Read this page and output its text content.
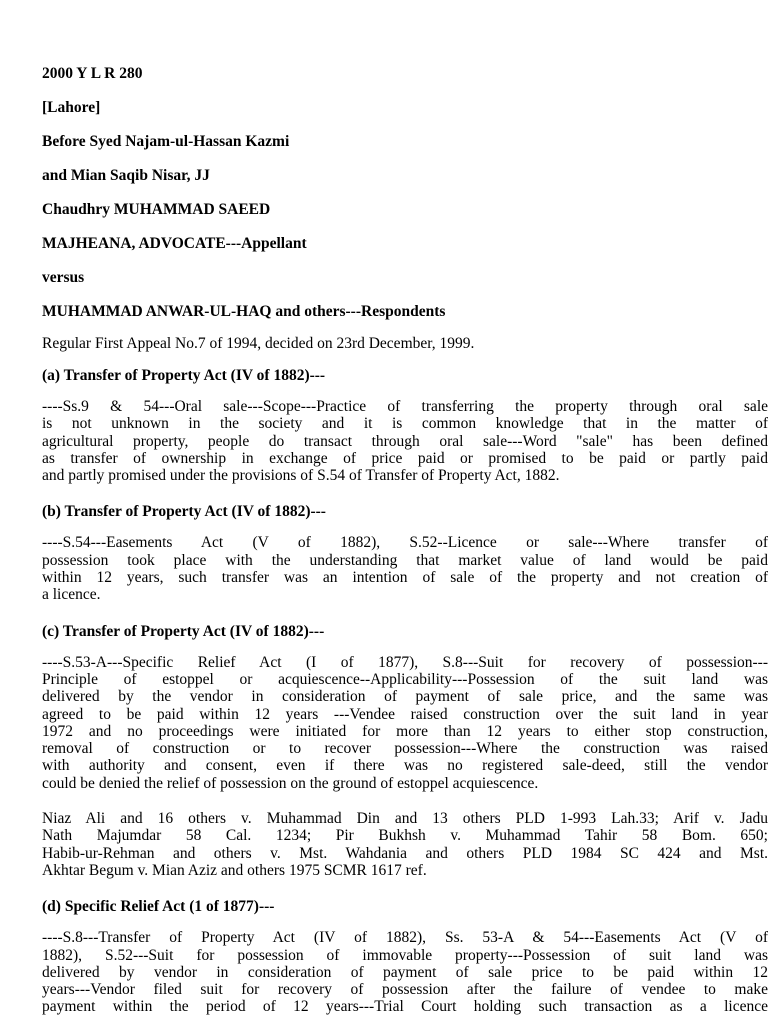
2000 Y L R 280
[Lahore]
Before Syed Najam-ul-Hassan Kazmi
and Mian Saqib Nisar, JJ
Chaudhry MUHAMMAD SAEED
MAJHEANA, ADVOCATE---Appellant
versus
MUHAMMAD ANWAR-UL-HAQ and others---Respondents
Regular First Appeal No.7 of 1994, decided on 23rd December, 1999.
(a) Transfer of Property Act (IV of 1882)---
----Ss.9 & 54---Oral sale---Scope---Practice of transferring the property through oral sale
is not unknown in the society and it is common knowledge that in the matter of
agricultural property, people do transact through oral sale---Word "sale" has been defined
as transfer of ownership in exchange of price paid or promised to be paid or partly paid
and partly promised under the provisions of S.54 of Transfer of Property Act, 1882.
(b) Transfer of Property Act (IV of 1882)---
----S.54---Easements Act (V of 1882), S.52--Licence or sale---Where transfer of
possession took place with the understanding that market value of land would be paid
within 12 years, such transfer was an intention of sale of the property and not creation of
a licence.
(c) Transfer of Property Act (IV of 1882)---
----S.53-A---Specific Relief Act (I of 1877), S.8---Suit for recovery of possession---
Principle of estoppel or acquiescence--Applicability---Possession of the suit land was
delivered by the vendor in consideration of payment of sale price, and the same was
agreed to be paid within 12 years ---Vendee raised construction over the suit land in year
1972 and no proceedings were initiated for more than 12 years to either stop construction,
removal of construction or to recover possession---Where the construction was raised
with authority and consent, even if there was no registered sale-deed, still the vendor
could be denied the relief of possession on the ground of estoppel acquiescence.
Niaz Ali and 16 others v. Muhammad Din and 13 others PLD 1-993 Lah.33; Arif v. Jadu
Nath Majumdar 58 Cal. 1234; Pir Bukhsh v. Muhammad Tahir 58 Bom. 650;
Habib-ur-Rehman and others v. Mst. Wahdania and others PLD 1984 SC 424 and Mst.
Akhtar Begum v. Mian Aziz and others 1975 SCMR 1617 ref.
(d) Specific Relief Act (1 of 1877)---
----S.8---Transfer of Property Act (IV of 1882), Ss. 53-A & 54---Easements Act (V of
1882), S.52---Suit for possession of immovable property---Possession of suit land was
delivered by vendor in consideration of payment of sale price to be paid within 12
years---Vendor filed suit for recovery of possession after the failure of vendee to make
payment within the period of 12 years---Trial Court holding such transaction as a licence
